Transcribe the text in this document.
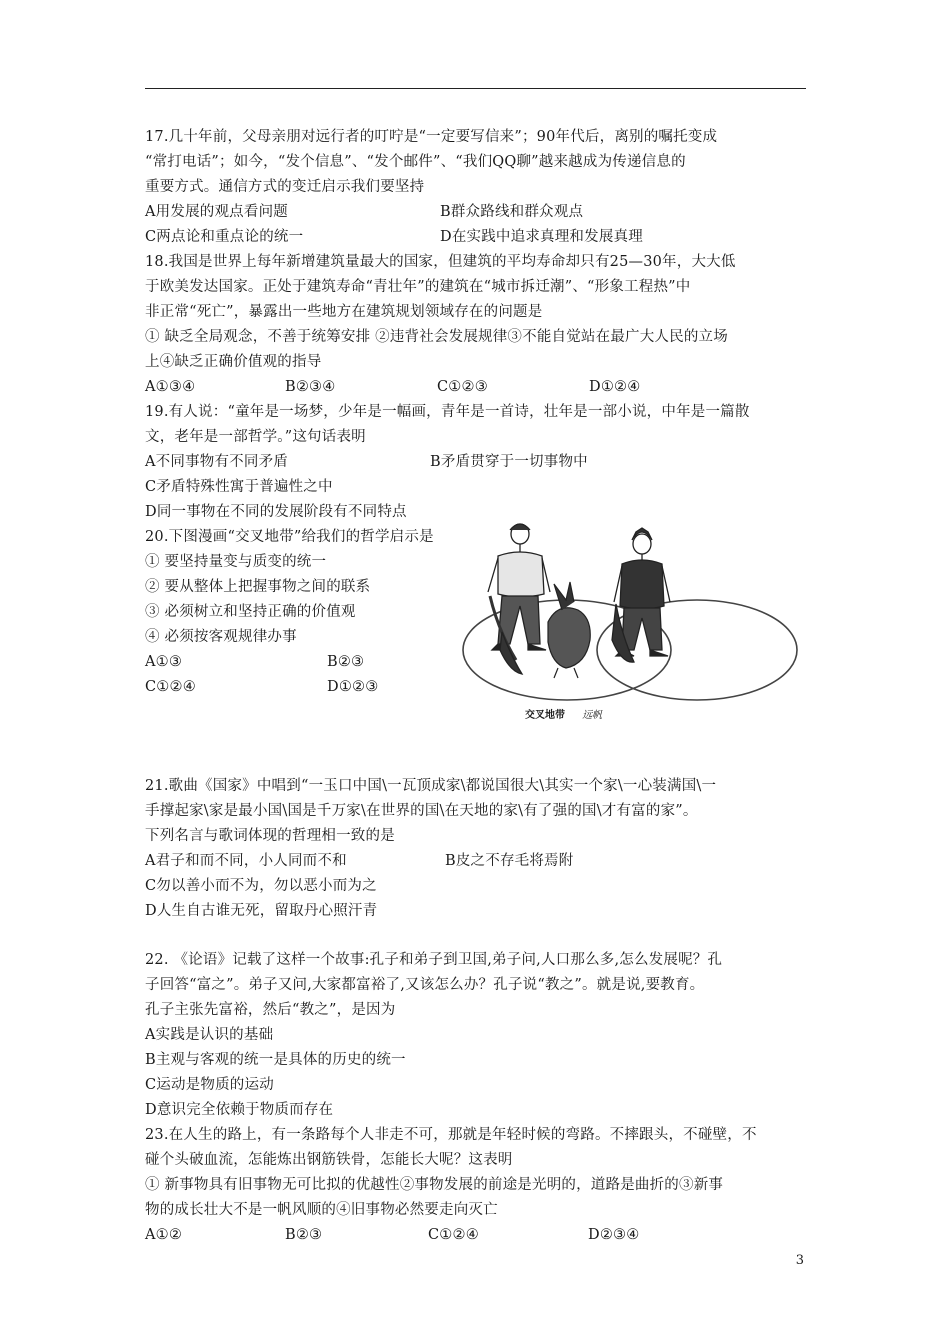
17.几十年前，父母亲朋对远行者的叮咛是“一定要写信来”；90年代后，离别的嘱托变成
“常打电话”；如今，“发个信息”、“发个邮件”、“我们QQ聊”越来越成为传递信息的
重要方式。通信方式的变迁启示我们要坚持
A用发展的观点看问题	B群众路线和群众观点
C两点论和重点论的统一	D在实践中追求真理和发展真理
18.我国是世界上每年新增建筑量最大的国家，但建筑的平均寿命却只有25—30年，大大低
于欧美发达国家。正处于建筑寿命“青壮年”的建筑在“城市拆迁潮”、“形象工程热”中
非正常“死亡”，暴露出一些地方在建筑规划领域存在的问题是
① 缺乏全局观念，不善于统筹安排 ②违背社会发展规律③不能自觉站在最广大人民的立场
上④缺乏正确价值观的指导
A①③④	B②③④	C①②③	D①②④
19.有人说：“童年是一场梦，少年是一幅画，青年是一首诗，壮年是一部小说，中年是一篇散
文，老年是一部哲学。”这句话表明
A不同事物有不同矛盾	B矛盾贯穿于一切事物中
C矛盾特殊性寓于普遍性之中
D同一事物在不同的发展阶段有不同特点
20.下图漫画“交叉地带”给我们的哲学启示是
① 要坚持量变与质变的统一
② 要从整体上把握事物之间的联系
③ 必须树立和坚持正确的价值观
④ 必须按客观规律办事
A①③	B②③
C①②④	D①②③
交叉地带 远帆
21.歌曲《国家》中唱到“一玉口中国\一瓦顶成家\都说国很大\其实一个家\一心装满国\一
手撑起家\家是最小国\国是千万家\在世界的国\在天地的家\有了强的国\才有富的家”。
下列名言与歌词体现的哲理相一致的是
A君子和而不同，小人同而不和	B皮之不存毛将焉附
C勿以善小而不为，勿以恶小而为之
D人生自古谁无死，留取丹心照汗青
22. 《论语》记载了这样一个故事:孔子和弟子到卫国,弟子问,人口那么多,怎么发展呢？孔
子回答“富之”。弟子又问,大家都富裕了,又该怎么办？孔子说“教之”。就是说,要教育。
孔子主张先富裕，然后“教之”，是因为
A实践是认识的基础
B主观与客观的统一是具体的历史的统一
C运动是物质的运动
D意识完全依赖于物质而存在
23.在人生的路上，有一条路每个人非走不可，那就是年轻时候的弯路。不摔跟头，不碰壁，不
碰个头破血流，怎能炼出钢筋铁骨，怎能长大呢？这表明
① 新事物具有旧事物无可比拟的优越性②事物发展的前途是光明的，道路是曲折的③新事
物的成长壮大不是一帆风顺的④旧事物必然要走向灭亡
A①②	B②③	C①②④	D②③④
3
